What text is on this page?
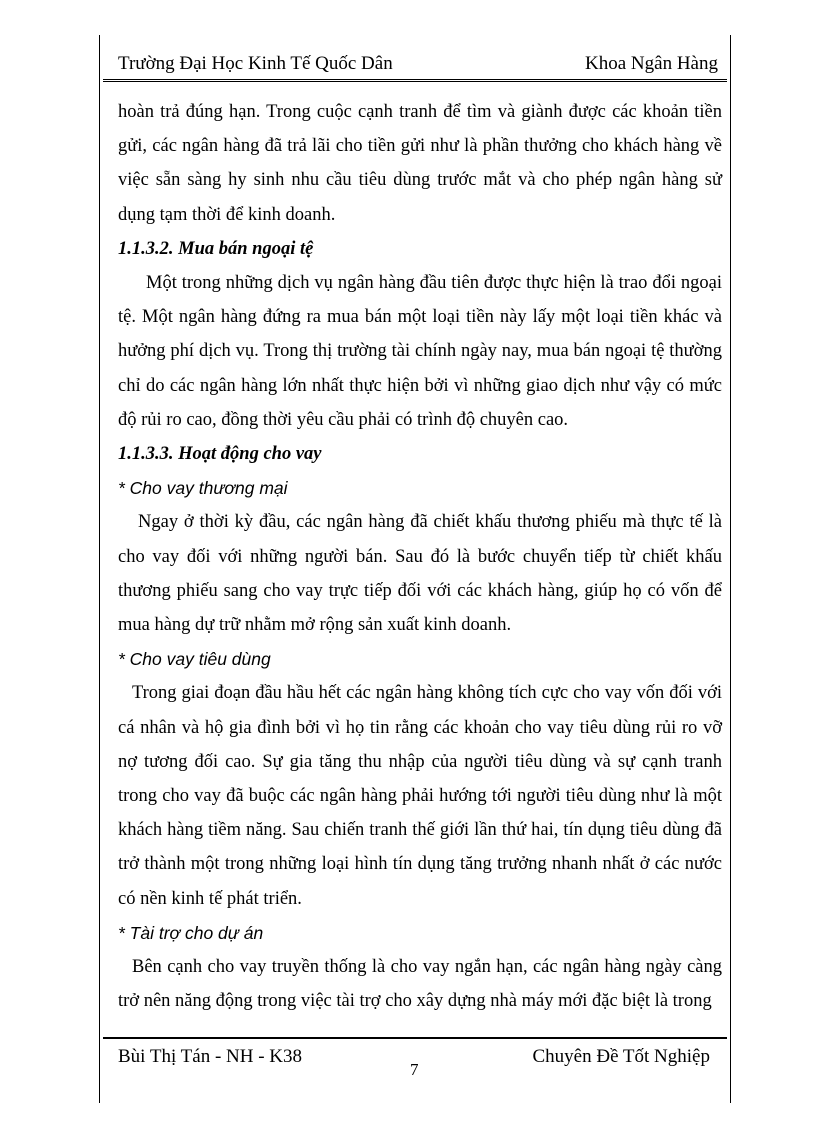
Trường Đại Học Kinh Tế Quốc Dân	Khoa Ngân Hàng

hoàn trả đúng hạn. Trong cuộc cạnh tranh để tìm và giành được các khoản tiền gửi, các ngân hàng đã trả lãi cho tiền gửi như là phần thưởng cho khách hàng về việc sẵn sàng hy sinh nhu cầu tiêu dùng trước mắt và cho phép ngân hàng sử dụng tạm thời để kinh doanh.

1.1.3.2. Mua bán ngoại tệ

Một trong những dịch vụ ngân hàng đầu tiên được thực hiện là trao đổi ngoại tệ. Một ngân hàng đứng ra mua bán một loại tiền này lấy một loại tiền khác và hưởng phí dịch vụ. Trong thị trường tài chính ngày nay, mua bán ngoại tệ thường chỉ do các ngân hàng lớn nhất thực hiện bởi vì những giao dịch như vậy có mức độ rủi ro cao, đồng thời yêu cầu phải có trình độ chuyên cao.

1.1.3.3. Hoạt động cho vay

* Cho vay thương mại

Ngay ở thời kỳ đầu, các ngân hàng đã chiết khấu thương phiếu mà thực tế là cho vay đối với những người bán. Sau đó là bước chuyển tiếp từ chiết khấu thương phiếu sang cho vay trực tiếp đối với các khách hàng, giúp họ có vốn để mua hàng dự trữ nhằm mở rộng sản xuất kinh doanh.

* Cho vay tiêu dùng

Trong giai đoạn đầu hầu hết các ngân hàng không tích cực cho vay vốn đối với cá nhân và hộ gia đình bởi vì họ tin rằng các khoản cho vay tiêu dùng rủi ro vỡ nợ tương đối cao. Sự gia tăng thu nhập của người tiêu dùng và sự cạnh tranh trong cho vay đã buộc các ngân hàng phải hướng tới người tiêu dùng như là một khách hàng tiềm năng. Sau chiến tranh thế giới lần thứ hai, tín dụng tiêu dùng đã trở thành một trong những loại hình tín dụng tăng trưởng nhanh nhất ở các nước có nền kinh tế phát triển.

* Tài trợ cho dự án

Bên cạnh cho vay truyền thống là cho vay ngắn hạn, các ngân hàng ngày càng trở nên năng động trong việc tài trợ cho xây dựng nhà máy mới đặc biệt là trong

Bùi Thị Tán - NH - K38
7
Chuyên Đề Tốt Nghiệp
